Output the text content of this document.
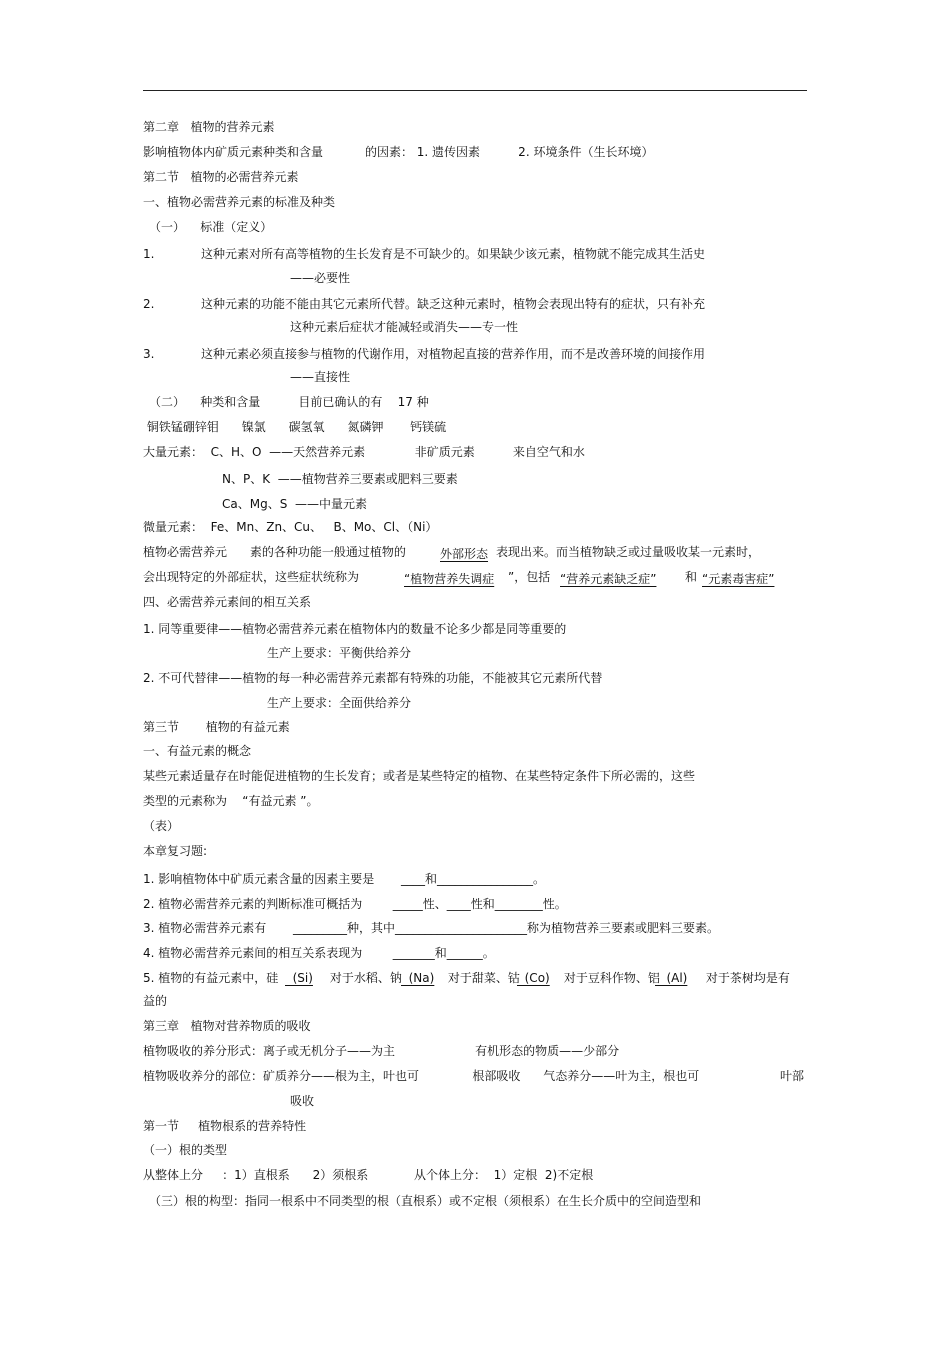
第二章   植物的营养元素
影响植物体内矿质元素种类和含量           的因素： 1. 遗传因素          2. 环境条件（生长环境）
第二节   植物的必需营养元素
一、植物必需营养元素的标准及种类
（一）    标准（定义）
1.	这种元素对所有高等植物的生长发育是不可缺少的。如果缺少该元素，植物就不能完成其生活史
——必要性
2.	这种元素的功能不能由其它元素所代替。缺乏这种元素时，植物会表现出特有的症状，只有补充
这种元素后症状才能减轻或消失——专一性
3.	这种元素必须直接参与植物的代谢作用，对植物起直接的营养作用，而不是改善环境的间接作用
——直接性
（二）    种类和含量          目前已确认的有    17 种
铜铁锰硼锌钼      镍氯      碳氢氧      氮磷钾       钙镁硫
大量元素：  C、H、O  ——天然营养元素             非矿质元素          来自空气和水
N、P、K  ——植物营养三要素或肥料三要素
Ca、Mg、S  ——中量元素
微量元素：  Fe、Mn、Zn、Cu、   B、Mo、Cl、（Ni）
植物必需营养元      素的各种功能一般通过植物的	外部形态 表现出来。而当植物缺乏或过量吸收某一元素时，
会出现特定的外部症状，这些症状统称为	“植物营养失调症 ”，包括 “营养元素缺乏症” 和 “元素毒害症”
四、必需营养元素间的相互关系
1. 同等重要律——植物必需营养元素在植物体内的数量不论多少都是同等重要的
生产上要求：平衡供给养分
2. 不可代替律——植物的每一种必需营养元素都有特殊的功能，不能被其它元素所代替
生产上要求：全面供给养分
第三节       植物的有益元素
一、有益元素的概念
某些元素适量存在时能促进植物的生长发育；或者是某些特定的植物、在某些特定条件下所必需的，这些
类型的元素称为    “有益元素 ”。
（表）
本章复习题:
1. 影响植物体中矿质元素含量的因素主要是       ____和________________。
2. 植物必需营养元素的判断标准可概括为        _____性、____性和________性。
3. 植物必需营养元素有       _________种，其中______________________称为植物营养三要素或肥料三要素。
4. 植物必需营养元素间的相互关系表现为        _______和______。
5. 植物的有益元素中，硅 (Si) 对于水稻、钠 (Na) 对于甜菜、钴
(Co) 对于豆科作物、铝
(Al) 对于茶树均是有
益的
第三章   植物对营养物质的吸收
植物吸收的养分形式：离子或无机分子——为主                     有机形态的物质——少部分
植物吸收养分的部位：矿质养分——根为主，叶也可              根部吸收      气态养分——叶为主，根也可	叶部
吸收
第一节     植物根系的营养特性
（一）根的类型
从整体上分     ：1）直根系      2）须根系            从个体上分：  1）定根  2)不定根
（三）根的构型：指同一根系中不同类型的根（直根系）或不定根（须根系）在生长介质中的空间造型和
